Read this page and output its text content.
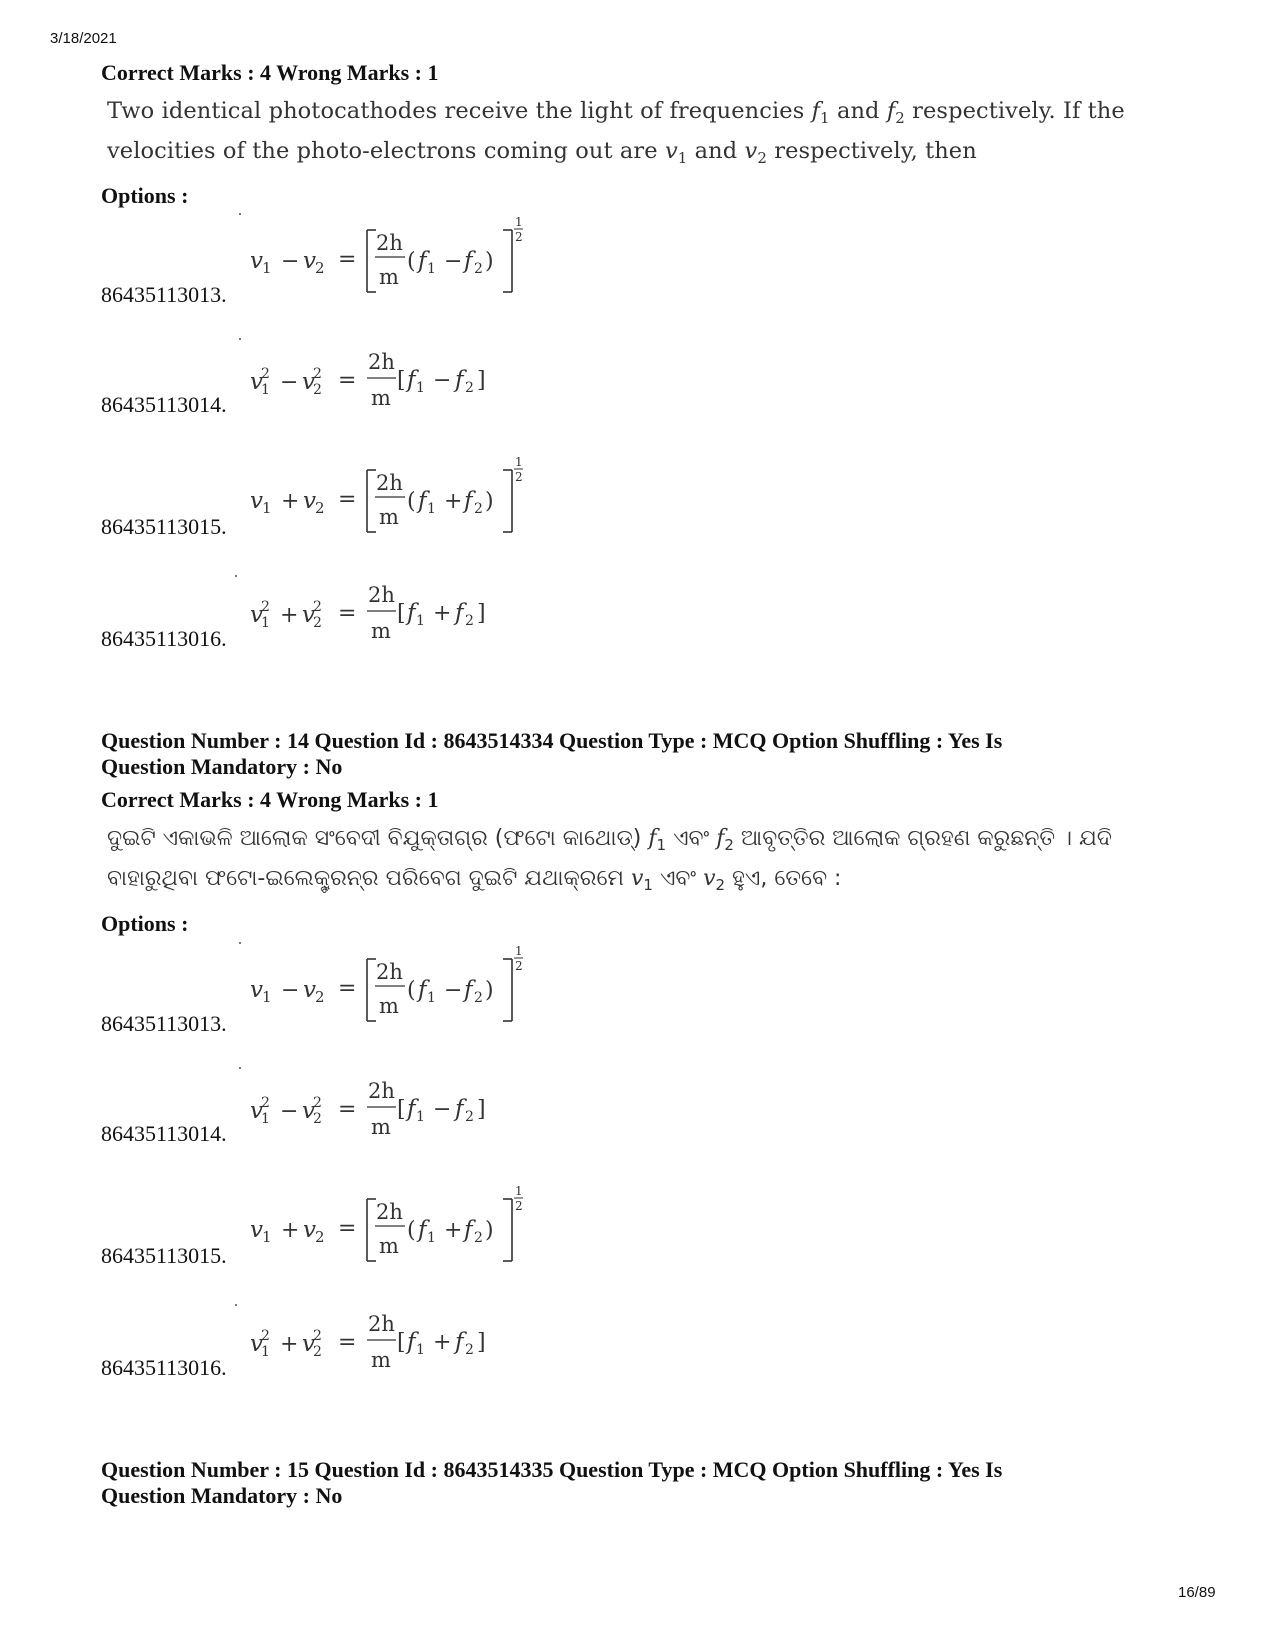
3/18/2021
Correct Marks : 4 Wrong Marks : 1
Two identical photocathodes receive the light of frequencies $f_1$ and $f_2$ respectively. If the
velocities of the photo-electrons coming out are $v_1$ and $v_2$ respectively, then
Options :
86435113013.
86435113014.
86435113015.
86435113016.
v 1 − v 2 =
2h
m
( f 1 − f 2 )
1
2
v
2
1 − v
2
2 =
2h
m
[ f 1 − f 2 ]
v 1 + v 2 =
2h
m
( f 1 + f 2 )
1
2
v
2
1 + v
2
2 =
2h
m
[ f 1 + f 2 ]
Question Number : 14 Question Id : 8643514334 Question Type : MCQ Option Shuffling : Yes Is
Question Mandatory : No
Correct Marks : 4 Wrong Marks : 1
ଦୁଇଟି ଏକାଭଳି ଆଲୋକ ସଂବେଦୀ ବିଯୁକ୍ତାଗ୍ର (ଫଟୋ କାଥୋଡ୍) $f_1$ ଏବଂ $f_2$ ଆବୃତ୍ତିର ଆଲୋକ ଗ୍ରହଣ କରୁଛନ୍ତି । ଯଦି
ବାହାରୁଥିବା ଫଟୋ-ଇଲେକ୍ଟ୍ରନ୍‌ର ପରିବେଗ ଦୁଇଟି ଯଥାକ୍ରମେ $v_1$ ଏବଂ $v_2$ ହୁଏ, ତେବେ :
Options :
86435113013.
86435113014.
86435113015.
86435113016.
v 1 − v 2 =
2h
m
( f 1 − f 2 )
1
2
v
2
1 − v
2
2 =
2h
m
[ f 1 − f 2 ]
v 1 + v 2 =
2h
m
( f 1 + f 2 )
1
2
v
2
1 + v
2
2 =
2h
m
[ f 1 + f 2 ]
Question Number : 15 Question Id : 8643514335 Question Type : MCQ Option Shuffling : Yes Is
Question Mandatory : No
16/89
